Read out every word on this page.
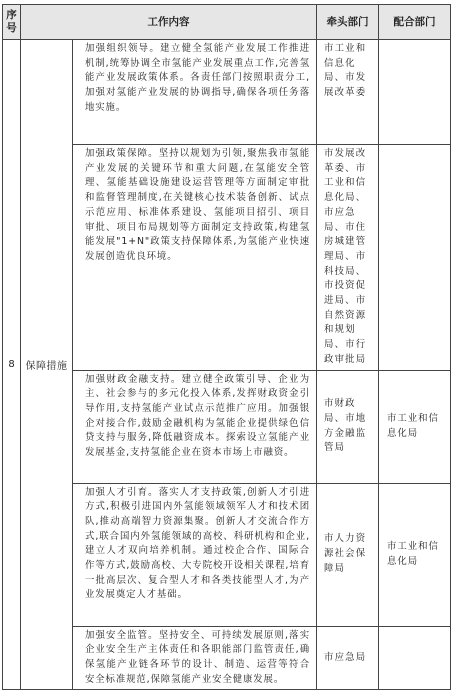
序号	工作内容		牵头部门	配合部门
8	保障措施	加强组织领导。建立健全氢能产业发展工作推进机制,统筹协调全市氢能产业发展重点工作,完善氢能产业发展政策体系。各责任部门按照职责分工,加强对氢能产业发展的协调指导,确保各项任务落地实施。	市工业和信息化局、市发展改革委	
		加强政策保障。坚持以规划为引领,聚焦我市氢能产业发展的关键环节和重大问题,在氢能安全管理、氢能基础设施建设运营管理等方面制定审批和监督管理制度,在关键核心技术装备创新、试点示范应用、标准体系建设、氢能项目招引、项目审批、项目布局规划等方面制定支持政策,构建氢能发展"1+N"政策支持保障体系,为氢能产业快速发展创造优良环境。	市发展改革委、市工业和信息化局、市应急局、市住房城建管理局、市科技局、市投资促进局、市自然资源和规划局、市行政审批局	
		加强财政金融支持。建立健全政策引导、企业为主、社会参与的多元化投入体系,发挥财政资金引导作用,支持氢能产业试点示范推广应用。加强银企对接合作,鼓励金融机构为氢能企业提供绿色信贷支持与服务,降低融资成本。探索设立氢能产业发展基金,支持氢能企业在资本市场上市融资。	市财政局、市地方金融监管局	市工业和信息化局
		加强人才引育。落实人才支持政策,创新人才引进方式,积极引进国内外氢能领域领军人才和技术团队,推动高端智力资源集聚。创新人才交流合作方式,联合国内外氢能领域的高校、科研机构和企业,建立人才双向培养机制。通过校企合作、国际合作等方式,鼓励高校、大专院校开设相关课程,培育一批高层次、复合型人才和各类技能型人才,为产业发展奠定人才基础。	市人力资源社会保障局	市工业和信息化局
		加强安全监管。坚持安全、可持续发展原则,落实企业安全生产主体责任和各职能部门监管责任,确保氢能产业链各环节的设计、制造、运营等符合安全标准规范,保障氢能产业安全健康发展。	市应急局	
